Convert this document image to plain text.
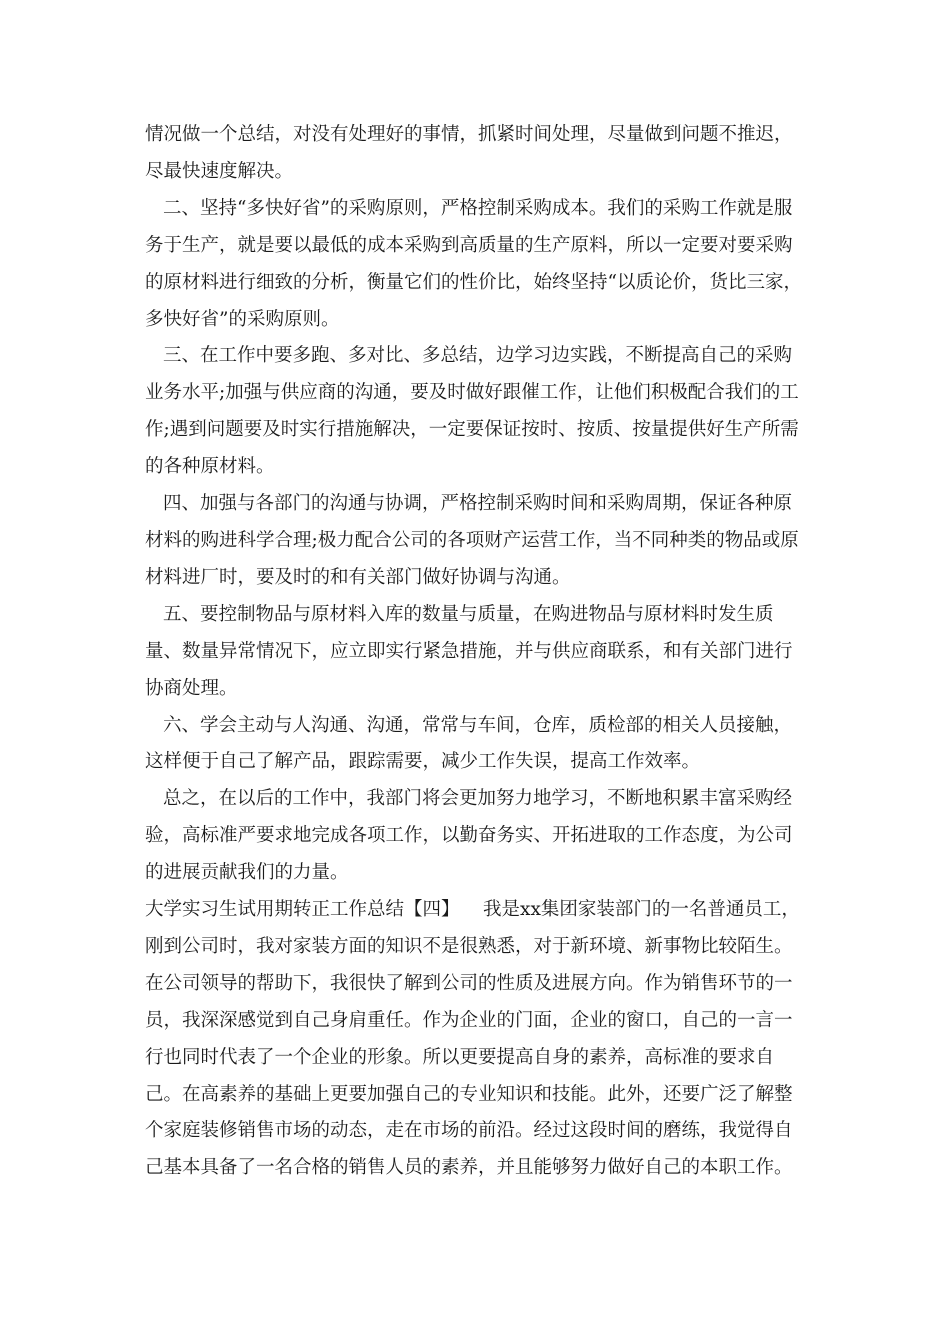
情况做一个总结，对没有处理好的事情，抓紧时间处理，尽量做到问题不推迟，尽最快速度解决。

二、坚持“多快好省”的采购原则，严格控制采购成本。我们的采购工作就是服务于生产，就是要以最低的成本采购到高质量的生产原料，所以一定要对要采购的原材料进行细致的分析，衡量它们的性价比，始终坚持“以质论价，货比三家，多快好省”的采购原则。

三、在工作中要多跑、多对比、多总结，边学习边实践，不断提高自己的采购业务水平;加强与供应商的沟通，要及时做好跟催工作，让他们积极配合我们的工作;遇到问题要及时实行措施解决，一定要保证按时、按质、按量提供好生产所需的各种原材料。

四、加强与各部门的沟通与协调，严格控制采购时间和采购周期，保证各种原材料的购进科学合理;极力配合公司的各项财产运营工作，当不同种类的物品或原材料进厂时，要及时的和有关部门做好协调与沟通。

五、要控制物品与原材料入库的数量与质量，在购进物品与原材料时发生质量、数量异常情况下，应立即实行紧急措施，并与供应商联系，和有关部门进行协商处理。

六、学会主动与人沟通、沟通，常常与车间，仓库，质检部的相关人员接触，这样便于自己了解产品，跟踪需要，减少工作失误，提高工作效率。

总之，在以后的工作中，我部门将会更加努力地学习，不断地积累丰富采购经验，高标准严要求地完成各项工作，以勤奋务实、开拓进取的工作态度，为公司的进展贡献我们的力量。

大学实习生试用期转正工作总结【四】    我是xx集团家装部门的一名普通员工，刚到公司时，我对家装方面的知识不是很熟悉，对于新环境、新事物比较陌生。在公司领导的帮助下，我很快了解到公司的性质及进展方向。作为销售环节的一员，我深深感觉到自己身肩重任。作为企业的门面，企业的窗口，自己的一言一行也同时代表了一个企业的形象。所以更要提高自身的素养，高标准的要求自己。在高素养的基础上更要加强自己的专业知识和技能。此外，还要广泛了解整个家庭装修销售市场的动态，走在市场的前沿。经过这段时间的磨练，我觉得自己基本具备了一名合格的销售人员的素养，并且能够努力做好自己的本职工作。
